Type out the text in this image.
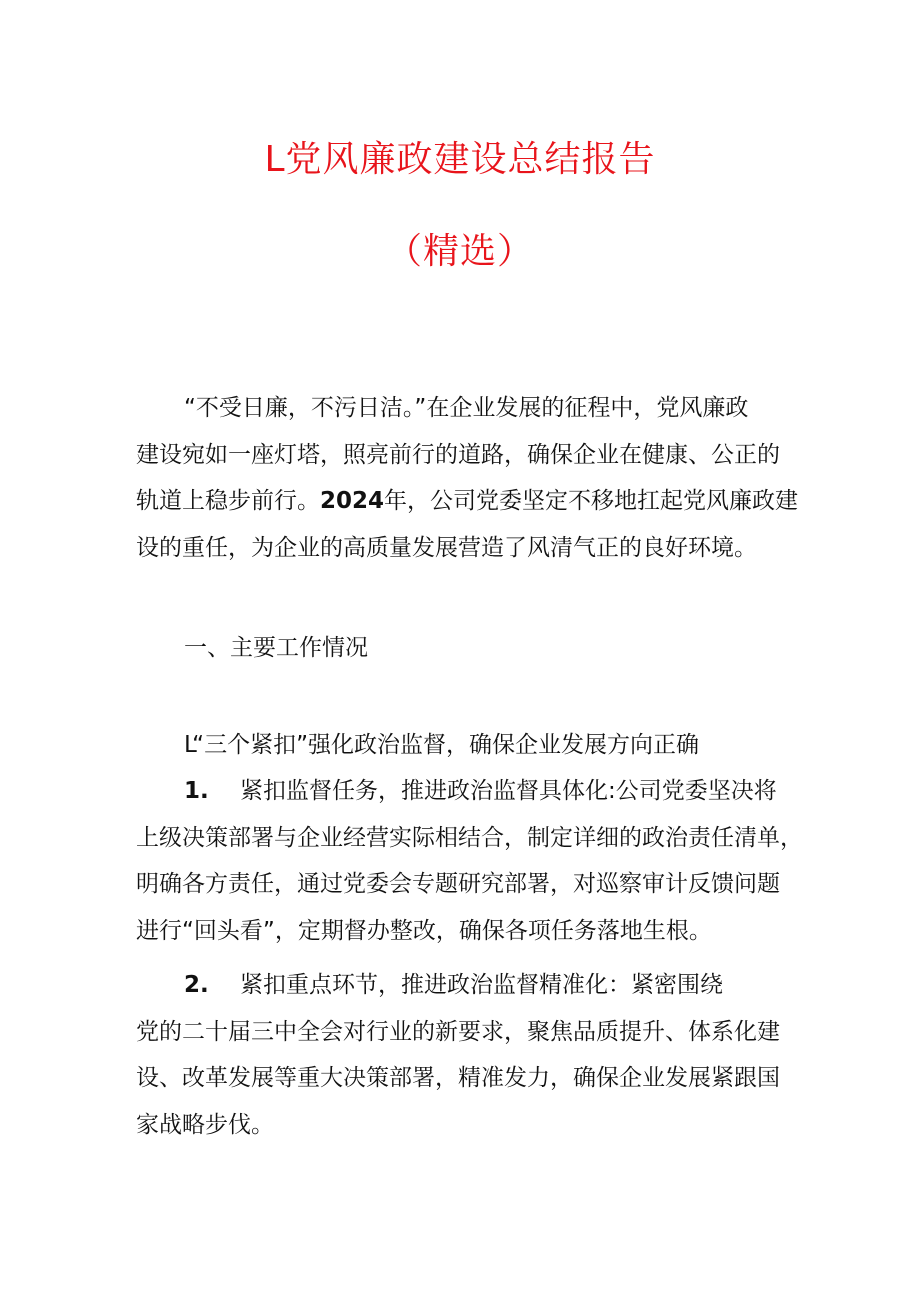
L党风廉政建设总结报告
（精选）

“不受日廉，不污日洁。”在企业发展的征程中，党风廉政
建设宛如一座灯塔，照亮前行的道路，确保企业在健康、公正的
轨道上稳步前行。2024年，公司党委坚定不移地扛起党风廉政建
设的重任，为企业的高质量发展营造了风清气正的良好环境。

一、主要工作情况

L“三个紧扣”强化政治监督，确保企业发展方向正确

1. 紧扣监督任务，推进政治监督具体化:公司党委坚决将
上级决策部署与企业经营实际相结合，制定详细的政治责任清单，
明确各方责任，通过党委会专题研究部署，对巡察审计反馈问题
进行“回头看”，定期督办整改，确保各项任务落地生根。

2. 紧扣重点环节，推进政治监督精准化：紧密围绕
党的二十届三中全会对行业的新要求，聚焦品质提升、体系化建
设、改革发展等重大决策部署，精准发力，确保企业发展紧跟国
家战略步伐。
